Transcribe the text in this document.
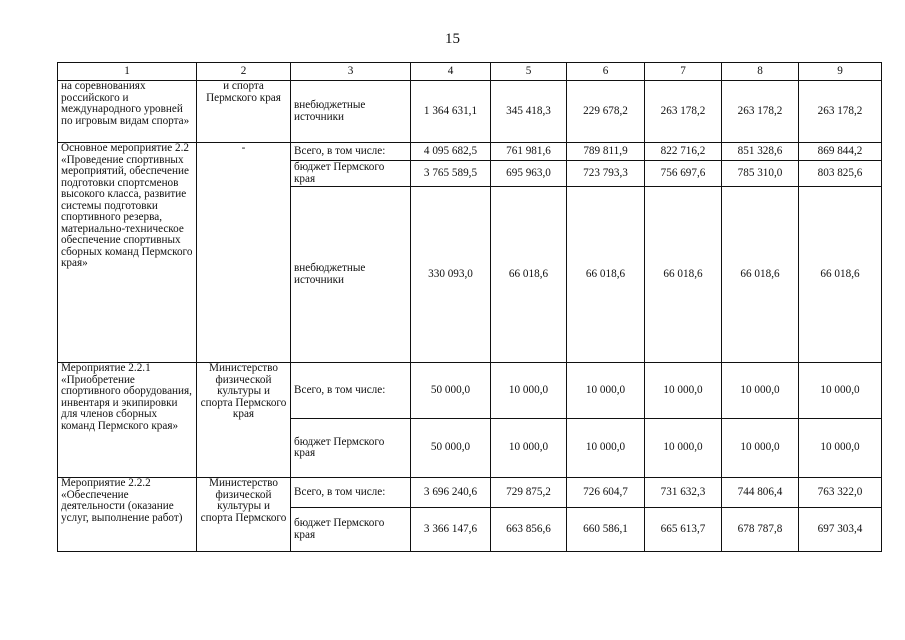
15
1	2	3	4	5	6	7	8	9
на соревнованиях российского и международного уровней по игровым видам спорта»	и спорта Пермского края	внебюджетные источники	1 364 631,1	345 418,3	229 678,2	263 178,2	263 178,2	263 178,2
Основное мероприятие 2.2 «Проведение спортивных мероприятий, обеспечение подготовки спортсменов высокого класса, развитие системы подготовки спортивного резерва, материально-техническое обеспечение спортивных сборных команд Пермского края»	-	Всего, в том числе:	4 095 682,5	761 981,6	789 811,9	822 716,2	851 328,6	869 844,2
		бюджет Пермского края	3 765 589,5	695 963,0	723 793,3	756 697,6	785 310,0	803 825,6
		внебюджетные источники	330 093,0	66 018,6	66 018,6	66 018,6	66 018,6	66 018,6
Мероприятие 2.2.1 «Приобретение спортивного оборудования, инвентаря и экипировки для членов сборных команд Пермского края»	Министерство физической культуры и спорта Пермского края	Всего, в том числе:	50 000,0	10 000,0	10 000,0	10 000,0	10 000,0	10 000,0
		бюджет Пермского края	50 000,0	10 000,0	10 000,0	10 000,0	10 000,0	10 000,0
Мероприятие 2.2.2 «Обеспечение деятельности (оказание услуг, выполнение работ)	Министерство физической культуры и спорта Пермского	Всего, в том числе:	3 696 240,6	729 875,2	726 604,7	731 632,3	744 806,4	763 322,0
		бюджет Пермского края	3 366 147,6	663 856,6	660 586,1	665 613,7	678 787,8	697 303,4
